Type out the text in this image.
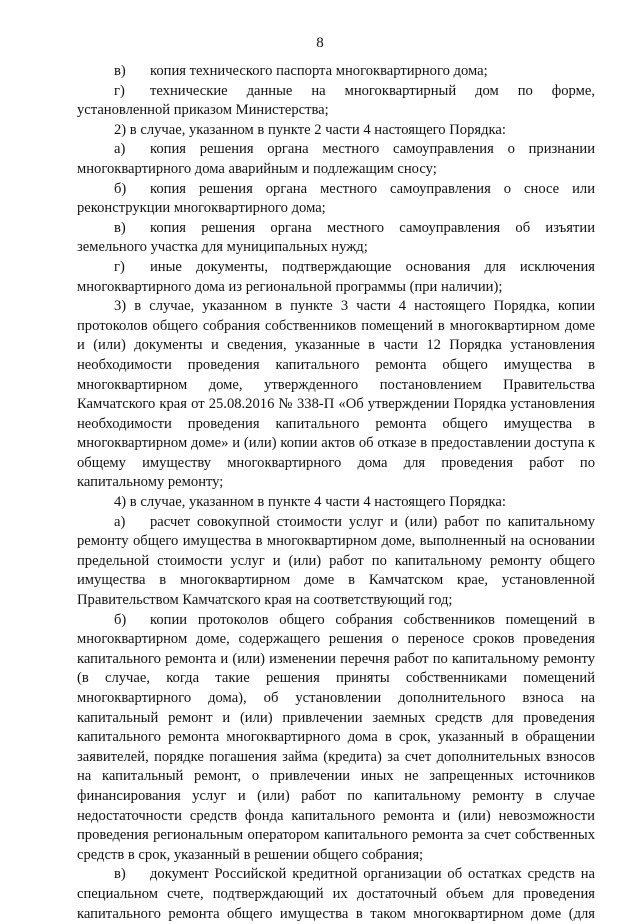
8

в) копия технического паспорта многоквартирного дома;

г) технические данные на многоквартирный дом по форме, установленной приказом Министерства;

2) в случае, указанном в пункте 2 части 4 настоящего Порядка:

а) копия решения органа местного самоуправления о признании многоквартирного дома аварийным и подлежащим сносу;

б) копия решения органа местного самоуправления о сносе или реконструкции многоквартирного дома;

в) копия решения органа местного самоуправления об изъятии земельного участка для муниципальных нужд;

г) иные документы, подтверждающие основания для исключения многоквартирного дома из региональной программы (при наличии);

3) в случае, указанном в пункте 3 части 4 настоящего Порядка, копии протоколов общего собрания собственников помещений в многоквартирном доме и (или) документы и сведения, указанные в части 12 Порядка установления необходимости проведения капитального ремонта общего имущества в многоквартирном доме, утвержденного постановлением Правительства Камчатского края от 25.08.2016 № 338-П «Об утверждении Порядка установления необходимости проведения капитального ремонта общего имущества в многоквартирном доме» и (или) копии актов об отказе в предоставлении доступа к общему имуществу многоквартирного дома для проведения работ по капитальному ремонту;

4) в случае, указанном в пункте 4 части 4 настоящего Порядка:

а) расчет совокупной стоимости услуг и (или) работ по капитальному ремонту общего имущества в многоквартирном доме, выполненный на основании предельной стоимости услуг и (или) работ по капитальному ремонту общего имущества в многоквартирном доме в Камчатском крае, установленной Правительством Камчатского края на соответствующий год;

б) копии протоколов общего собрания собственников помещений в многоквартирном доме, содержащего решения о переносе сроков проведения капитального ремонта и (или) изменении перечня работ по капитальному ремонту (в случае, когда такие решения приняты собственниками помещений многоквартирного дома), об установлении дополнительного взноса на капитальный ремонт и (или) привлечении заемных средств для проведения капитального ремонта многоквартирного дома в срок, указанный в обращении заявителей, порядке погашения займа (кредита) за счет дополнительных взносов на капитальный ремонт, о привлечении иных не запрещенных источников финансирования услуг и (или) работ по капитальному ремонту в случае недостаточности средств фонда капитального ремонта и (или) невозможности проведения региональным оператором капитального ремонта за счет собственных средств в срок, указанный в решении общего собрания;

в) документ Российской кредитной организации об остатках средств на специальном счете, подтверждающий их достаточный объем для проведения капитального ремонта общего имущества в таком многоквартирном доме (для
